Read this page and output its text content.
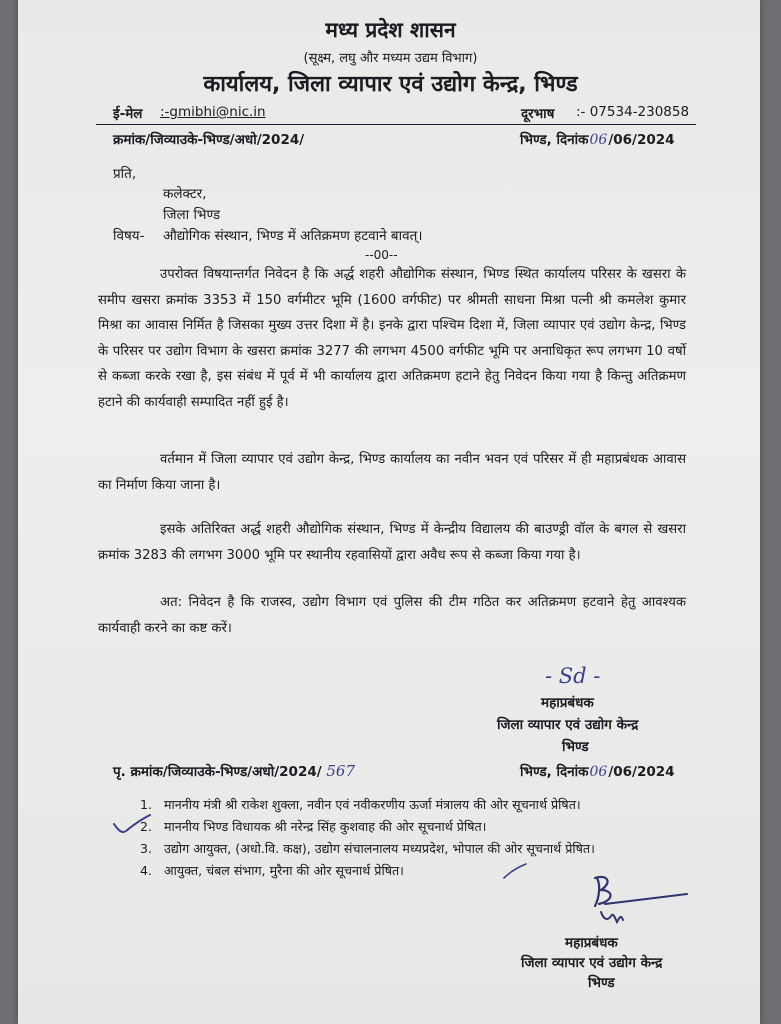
मध्य प्रदेश शासन
(सूक्ष्म, लघु और मध्यम उद्यम विभाग)
कार्यालय, जिला व्यापार एवं उद्योग केन्द्र, भिण्ड
ई-मेल :-gmibhi@nic.in	दूरभाष :- 07534-230858
क्रमांक/जिव्याउके-भिण्ड/अधो/2024/	भिण्ड, दिनांक06/06/2024
प्रति,
कलेक्टर,
जिला भिण्ड
विषय- औद्योगिक संस्थान, भिण्ड में अतिक्रमण हटवाने बावत्।
--00--
उपरोक्त विषयान्तर्गत निवेदन है कि अर्द्ध शहरी औद्योगिक संस्थान, भिण्ड स्थित कार्यालय परिसर के खसरा के समीप खसरा क्रमांक 3353 में 150 वर्गमीटर भूमि (1600 वर्गफीट) पर श्रीमती साधना मिश्रा पत्नी श्री कमलेश कुमार मिश्रा का आवास निर्मित है जिसका मुख्य उत्तर दिशा में है। इनके द्वारा पश्चिम दिशा में, जिला व्यापार एवं उद्योग केन्द्र, भिण्ड के परिसर पर उद्योग विभाग के खसरा क्रमांक 3277 की लगभग 4500 वर्गफीट भूमि पर अनाधिकृत रूप लगभग 10 वर्षो से कब्जा करके रखा है, इस संबंध में पूर्व में भी कार्यालय द्वारा अतिक्रमण हटाने हेतु निवेदन किया गया है किन्तु अतिक्रमण हटाने की कार्यवाही सम्पादित नहीं हुई है।
वर्तमान में जिला व्यापार एवं उद्योग केन्द्र, भिण्ड कार्यालय का नवीन भवन एवं परिसर में ही महाप्रबंधक आवास का निर्माण किया जाना है।
इसके अतिरिक्त अर्द्ध शहरी औद्योगिक संस्थान, भिण्ड में केन्द्रीय विद्यालय की बाउण्ड्री वॉल के बगल से खसरा क्रमांक 3283 की लगभग 3000 भूमि पर स्थानीय रहवासियों द्वारा अवैध रूप से कब्जा किया गया है।
अत: निवेदन है कि राजस्व, उद्योग विभाग एवं पुलिस की टीम गठित कर अतिक्रमण हटवाने हेतु आवश्यक कार्यवाही करने का कष्ट करें।
- Sd -
महाप्रबंधक
जिला व्यापार एवं उद्योग केन्द्र
भिण्ड
पृ. क्रमांक/जिव्याउके-भिण्ड/अधो/2024/ 567	भिण्ड, दिनांक06/06/2024
1. माननीय मंत्री श्री राकेश शुक्ला, नवीन एवं नवीकरणीय ऊर्जा मंत्रालय की ओर सूचनार्थ प्रेषित।
2. माननीय भिण्ड विधायक श्री नरेन्द्र सिंह कुशवाह की ओर सूचनार्थ प्रेषित।
3. उद्योग आयुक्त, (अधो.वि. कक्ष), उद्योग संचालनालय मध्यप्रदेश, भोपाल की ओर सूचनार्थ प्रेषित।
4. आयुक्त, चंबल संभाग, मुरैना की ओर सूचनार्थ प्रेषित।
महाप्रबंधक
जिला व्यापार एवं उद्योग केन्द्र
भिण्ड
